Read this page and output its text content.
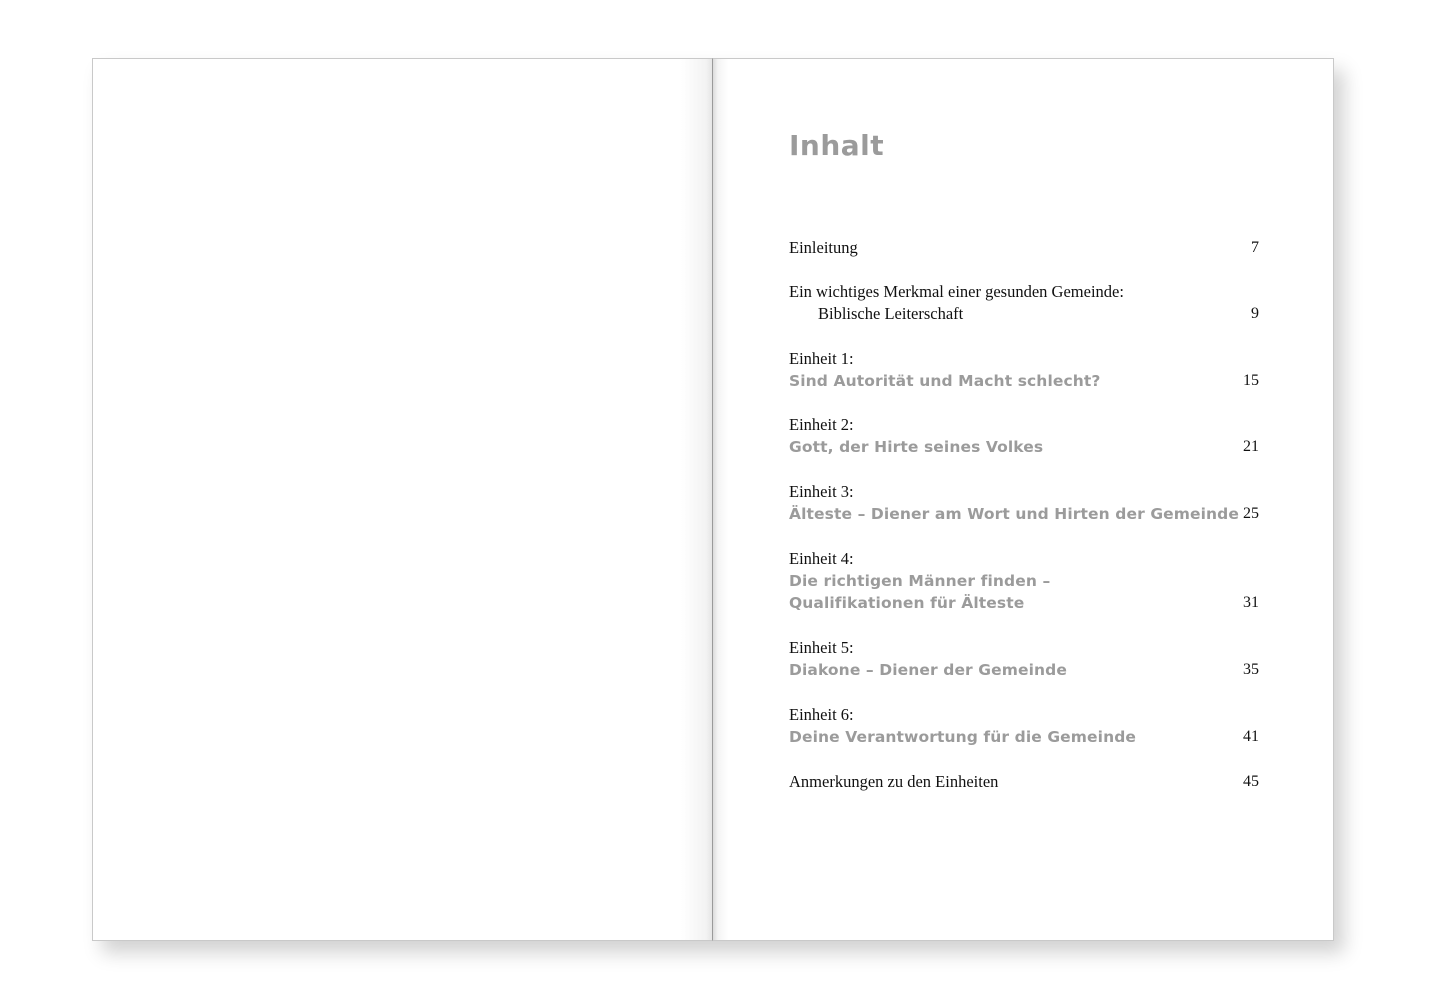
Inhalt
Einleitung	7
Ein wichtiges Merkmal einer gesunden Gemeinde:
Biblische Leiterschaft	9
Einheit 1:
Sind Autorität und Macht schlecht?	15
Einheit 2:
Gott, der Hirte seines Volkes	21
Einheit 3:
Älteste – Diener am Wort und Hirten der Gemeinde 25
Einheit 4:
Die richtigen Männer finden –
Qualifikationen für Älteste	31
Einheit 5:
Diakone – Diener der Gemeinde	35
Einheit 6:
Deine Verantwortung für die Gemeinde	41
Anmerkungen zu den Einheiten	45
